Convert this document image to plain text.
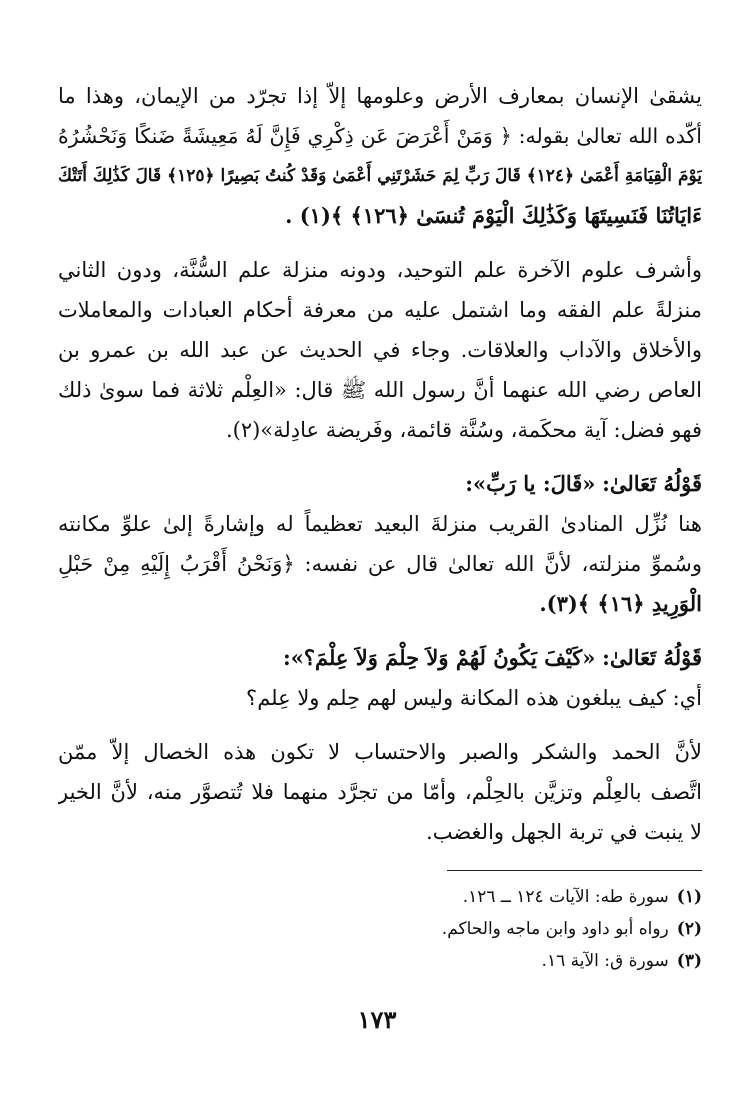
يشقىٰ الإنسان بمعارف الأرض وعلومها إلاّ إذا تجرّد من الإيمان، وهذا ما
أكّده الله تعالىٰ بقوله: ﴿ وَمَنْ أَعْرَضَ عَن ذِكْرِي فَإِنَّ لَهُ مَعِيشَةً ضَنكًا وَنَحْشُرُهُ
يَوْمَ الْقِيَامَةِ أَعْمَىٰ ﴿١٢٤﴾ قَالَ رَبِّ لِمَ حَشَرْتَنِي أَعْمَىٰ وَقَدْ كُنتُ بَصِيرًا ﴿١٢٥﴾ قَالَ كَذَٰلِكَ أَتَتْكَ
ءَايَاتُنَا فَنَسِيتَهَا وَكَذَٰلِكَ الْيَوْمَ تُنسَىٰ ﴿١٢٦﴾ ﴾(١) .
وأشرف علوم الآخرة علم التوحيد، ودونه منزلة علم السُّنَّة، ودون الثاني
منزلةً علم الفقه وما اشتمل عليه من معرفة أحكام العبادات والمعاملات
والأخلاق والآداب والعلاقات. وجاء في الحديث عن عبد الله بن عمرو بن
العاص رضي الله عنهما أنَّ رسول الله ﷺ قال: «العِلْم ثلاثة فما سوىٰ ذلك
فهو فضل: آية محكَمة، وسُنَّة قائمة، وفَريضة عادِلة»(٢).
قَوْلُهُ تَعَالىٰ: «قَالَ: يا رَبِّ»:
هنا نُزِّل المنادىٰ القريب منزلةَ البعيد تعظيماً له وإشارةً إلىٰ علوِّ مكانته
وسُموِّ منزلته، لأنَّ الله تعالىٰ قال عن نفسه: ﴿وَنَحْنُ أَقْرَبُ إِلَيْهِ مِنْ حَبْلِ
الْوَرِيدِ ﴿١٦﴾ ﴾(٣).
قَوْلُهُ تَعَالىٰ: «كَيْفَ يَكُونُ لَهُمْ وَلاَ حِلْمَ وَلاَ عِلْمَ؟»:
أي: كيف يبلغون هذه المكانة وليس لهم حِلم ولا عِلم؟
لأنَّ الحمد والشكر والصبر والاحتساب لا تكون هذه الخصال إلاّ ممّن
اتَّصف بالعِلْم وتزيَّن بالحِلْم، وأمّا من تجرَّد منهما فلا تُتصوَّر منه، لأنَّ الخير
لا ينبت في تربة الجهل والغضب.
(١)سورة طه: الآيات ١٢٤ ــ ١٢٦.
(٢)رواه أبو داود وابن ماجه والحاكم.
(٣)سورة ق: الآية ١٦.
١٧٣
